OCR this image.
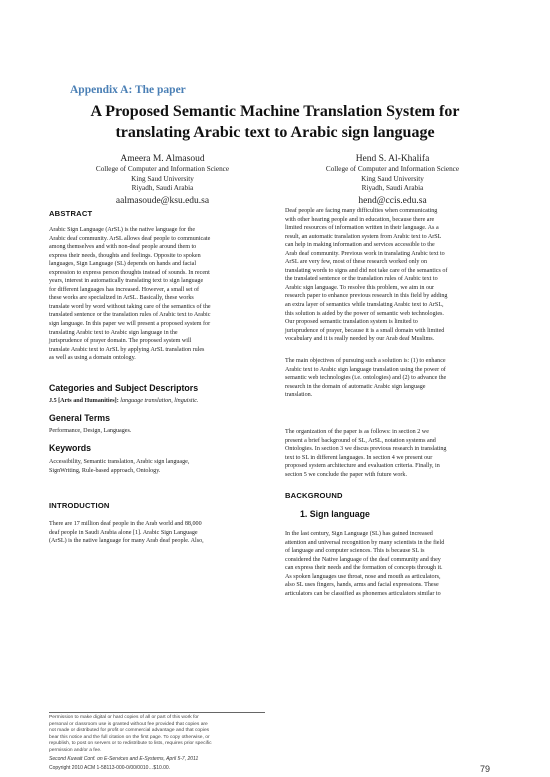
Appendix A: The paper
A Proposed Semantic Machine Translation System for
translating Arabic text to Arabic sign language
Ameera M. Almasoud
College of Computer and Information Science
King Saud University
Riyadh, Saudi Arabia
aalmasoude@ksu.edu.sa
Hend S. Al-Khalifa
College of Computer and Information Science
King Saud University
Riyadh, Saudi Arabia
hend@ccis.edu.sa
ABSTRACT
Arabic Sign Language (ArSL) is the native language for the
Arabic deaf community. ArSL allows deaf people to communicate
among themselves and with non-deaf people around them to
express their needs, thoughts and feelings. Opposite to spoken
languages, Sign Language (SL) depends on hands and facial
expression to express person thoughts instead of sounds. In recent
years, interest in automatically translating text to sign language
for different languages has increased. However, a small set of
these works are specialized in ArSL. Basically, these works
translate word by word without taking care of the semantics of the
translated sentence or the translation rules of Arabic text to Arabic
sign language. In this paper we will present a proposed system for
translating Arabic text to Arabic sign language in the
jurisprudence of prayer domain. The proposed system will
translate Arabic text to ArSL by applying ArSL translation rules
as well as using a domain ontology.
Categories and Subject Descriptors
J.5 [Arts and Humanities]: language translation, linguistic.
General Terms
Performance, Design, Languages.
Keywords
Accessibility, Semantic translation, Arabic sign language,
SignWriting, Rule-based approach, Ontology.
INTRODUCTION
There are 17 million deaf people in the Arab world and 88,000
deaf people in Saudi Arabia alone [1]. Arabic Sign Language
(ArSL) is the native language for many Arab deaf people. Also,
Permission to make digital or hard copies of all or part of this work for
personal or classroom use is granted without fee provided that copies are
not made or distributed for profit or commercial advantage and that copies
bear this notice and the full citation on the first page. To copy otherwise, or
republish, to post on servers or to redistribute to lists, requires prior specific
permission and/or a fee.
Second Kuwait Conf. on E-Services and E-Systems, April 5-7, 2011
Copyright 2010 ACM 1-58113-000-0/00/0010…$10.00.
Deaf people are facing many difficulties when communicating
with other hearing people and in education, because there are
limited resources of information written in their language. As a
result, an automatic translation system from Arabic text to ArSL
can help in making information and services accessible to the
Arab deaf community. Previous work in translating Arabic text to
ArSL are very few, most of these research worked only on
translating words to signs and did not take care of the semantics of
the translated sentence or the translation rules of Arabic text to
Arabic sign language. To resolve this problem, we aim in our
research paper to enhance previous research in this field by adding
an extra layer of semantics while translating Arabic text to ArSL,
this solution is aided by the power of semantic web technologies.
Our proposed semantic translation system is limited to
jurisprudence of prayer, because it is a small domain with limited
vocabulary and it is really needed by our Arab deaf Muslims.
The main objectives of pursuing such a solution is: (1) to enhance
Arabic text to Arabic sign language translation using the power of
semantic web technologies (i.e. ontologies) and (2) to advance the
research in the domain of automatic Arabic sign language
translation.
The organization of the paper is as follows: in section 2 we
present a brief background of SL, ArSL, notation systems and
Ontologies. In section 3 we discus previous research in translating
text to SL in different languages. In section 4 we present our
proposed system architecture and evaluation criteria. Finally, in
section 5 we conclude the paper with future work.
BACKGROUND
1. Sign language
In the last century, Sign Language (SL) has gained increased
attention and universal recognition by many scientists in the field
of language and computer sciences. This is because SL is
considered the Native language of the deaf community and they
can express their needs and the formation of concepts through it.
As spoken languages use throat, nose and mouth as articulators,
also SL uses fingers, hands, arms and facial expressions. These
articulators can be classified as phonemes articulators similar to
79
